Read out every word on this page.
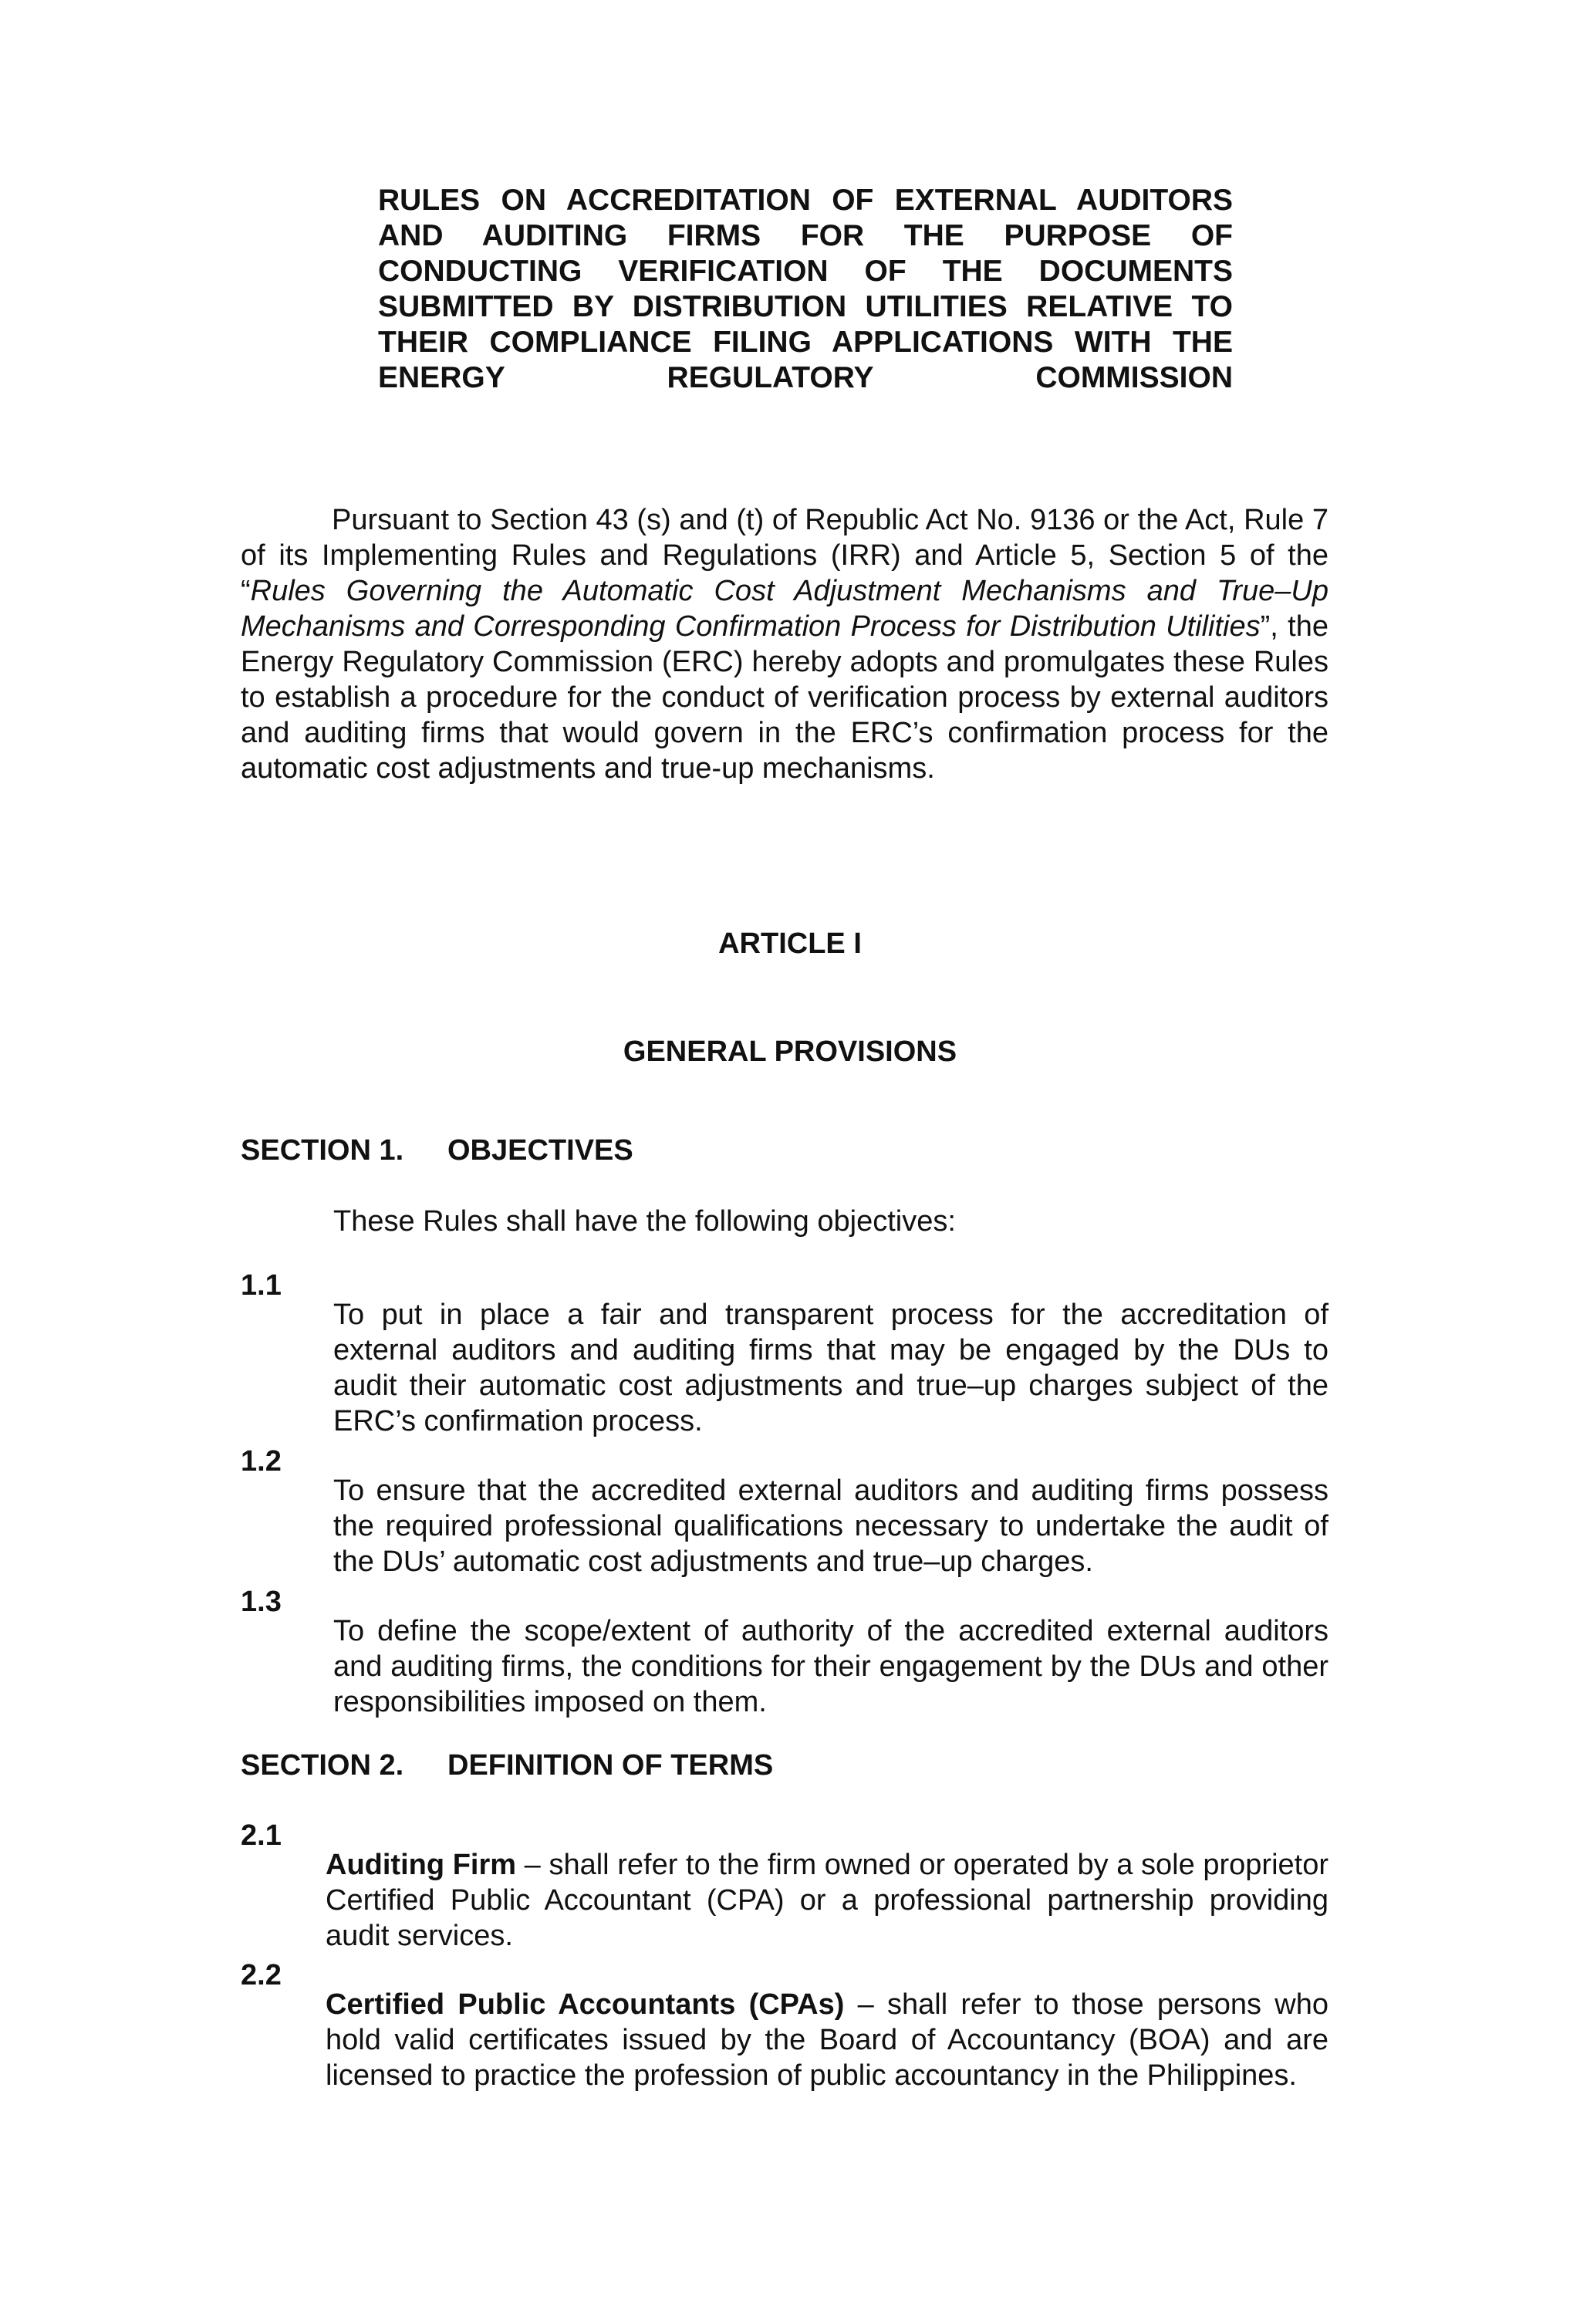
RULES ON ACCREDITATION OF EXTERNAL AUDITORS AND AUDITING FIRMS FOR THE PURPOSE OF CONDUCTING VERIFICATION OF THE DOCUMENTS SUBMITTED BY DISTRIBUTION UTILITIES RELATIVE TO THEIR COMPLIANCE FILING APPLICATIONS WITH THE ENERGY REGULATORY COMMISSION

Pursuant to Section 43 (s) and (t) of Republic Act No. 9136 or the Act, Rule 7 of its Implementing Rules and Regulations (IRR) and Article 5, Section 5 of the “Rules Governing the Automatic Cost Adjustment Mechanisms and True–Up Mechanisms and Corresponding Confirmation Process for Distribution Utilities”, the Energy Regulatory Commission (ERC) hereby adopts and promulgates these Rules to establish a procedure for the conduct of verification process by external auditors and auditing firms that would govern in the ERC’s confirmation process for the automatic cost adjustments and true-up mechanisms.

ARTICLE I

GENERAL PROVISIONS

SECTION 1. OBJECTIVES

These Rules shall have the following objectives:

1.1

To put in place a fair and transparent process for the accreditation of external auditors and auditing firms that may be engaged by the DUs to audit their automatic cost adjustments and true–up charges subject of the ERC’s confirmation process.

1.2

To ensure that the accredited external auditors and auditing firms possess the required professional qualifications necessary to undertake the audit of the DUs’ automatic cost adjustments and true–up charges.

1.3

To define the scope/extent of authority of the accredited external auditors and auditing firms, the conditions for their engagement by the DUs and other responsibilities imposed on them.

SECTION 2. DEFINITION OF TERMS

2.1

Auditing Firm – shall refer to the firm owned or operated by a sole proprietor Certified Public Accountant (CPA) or a professional partnership providing audit services.

2.2

Certified Public Accountants (CPAs) – shall refer to those persons who hold valid certificates issued by the Board of Accountancy (BOA) and are licensed to practice the profession of public accountancy in the Philippines.
